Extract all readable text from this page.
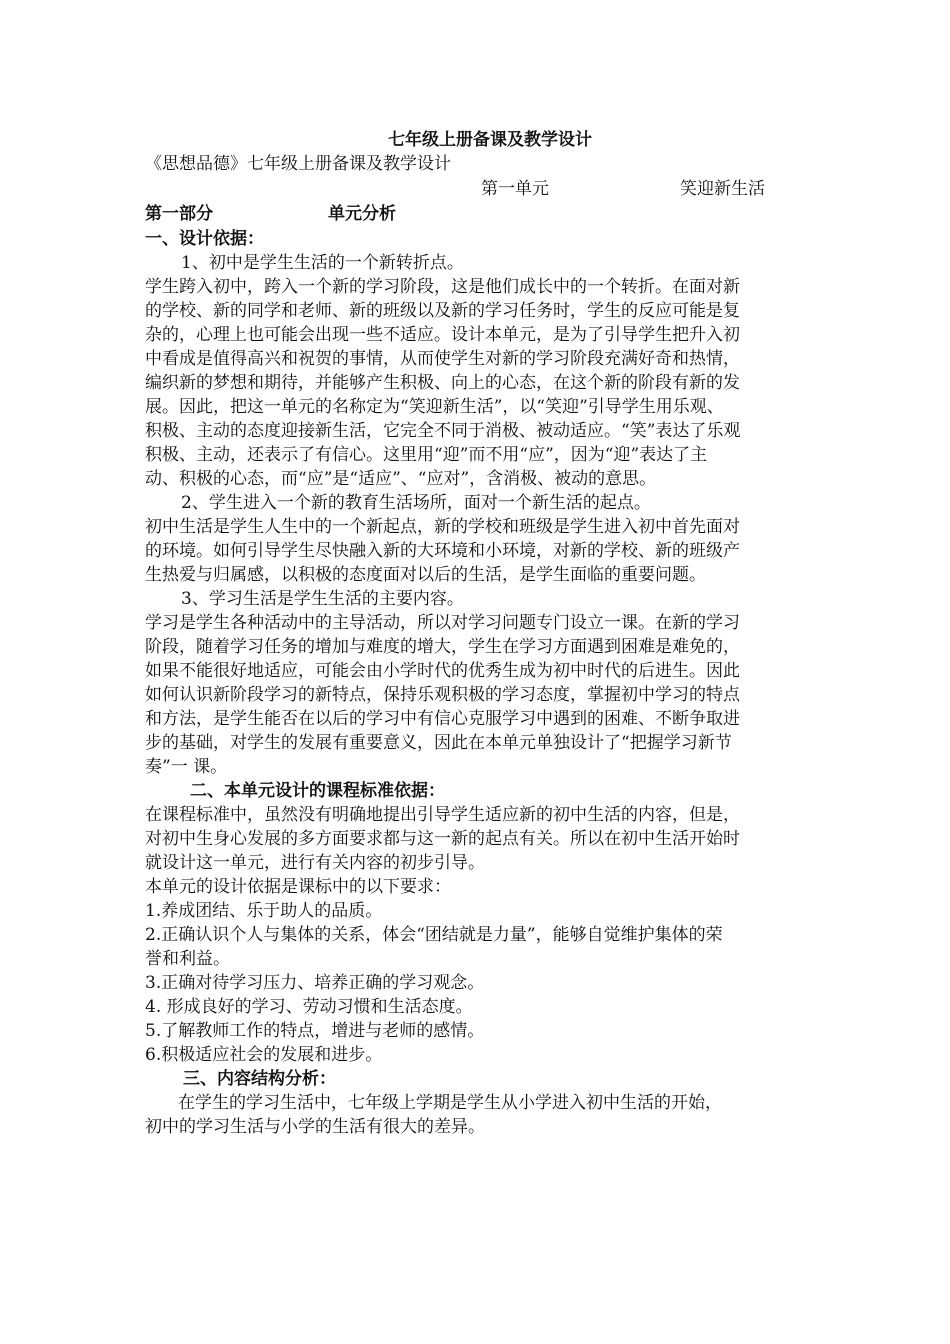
七年级上册备课及教学设计
《思想品德》七年级上册备课及教学设计
第一单元	笑迎新生活
第一部分	单元分析
一、设计依据：
1、初中是学生生活的一个新转折点。
学生跨入初中，跨入一个新的学习阶段，这是他们成长中的一个转折。在面对新
的学校、新的同学和老师、新的班级以及新的学习任务时，学生的反应可能是复
杂的，心理上也可能会出现一些不适应。设计本单元，是为了引导学生把升入初
中看成是值得高兴和祝贺的事情，从而使学生对新的学习阶段充满好奇和热情，
编织新的梦想和期待，并能够产生积极、向上的心态，在这个新的阶段有新的发
展。因此，把这一单元的名称定为“笑迎新生活”，以“笑迎”引导学生用乐观、
积极、主动的态度迎接新生活，它完全不同于消极、被动适应。“笑”表达了乐观
积极、主动，还表示了有信心。这里用“迎”而不用“应”，因为“迎”表达了主
动、积极的心态，而“应”是“适应”、“应对”，含消极、被动的意思。
2、学生进入一个新的教育生活场所，面对一个新生活的起点。
初中生活是学生人生中的一个新起点，新的学校和班级是学生进入初中首先面对
的环境。如何引导学生尽快融入新的大环境和小环境，对新的学校、新的班级产
生热爱与归属感，以积极的态度面对以后的生活，是学生面临的重要问题。
3、学习生活是学生生活的主要内容。
学习是学生各种活动中的主导活动，所以对学习问题专门设立一课。在新的学习
阶段，随着学习任务的增加与难度的增大，学生在学习方面遇到困难是难免的，
如果不能很好地适应，可能会由小学时代的优秀生成为初中时代的后进生。因此
如何认识新阶段学习的新特点，保持乐观积极的学习态度，掌握初中学习的特点
和方法，是学生能否在以后的学习中有信心克服学习中遇到的困难、不断争取进
步的基础，对学生的发展有重要意义，因此在本单元单独设计了“把握学习新节
奏”一 课。
二、本单元设计的课程标准依据：
在课程标准中，虽然没有明确地提出引导学生适应新的初中生活的内容，但是，
对初中生身心发展的多方面要求都与这一新的起点有关。所以在初中生活开始时
就设计这一单元，进行有关内容的初步引导。
本单元的设计依据是课标中的以下要求：
1.养成团结、乐于助人的品质。
2.正确认识个人与集体的关系，体会“团结就是力量”，能够自觉维护集体的荣
誉和利益。
3.正确对待学习压力、培养正确的学习观念。
4. 形成良好的学习、劳动习惯和生活态度。
5.了解教师工作的特点，增进与老师的感情。
6.积极适应社会的发展和进步。
三、内容结构分析：
在学生的学习生活中，七年级上学期是学生从小学进入初中生活的开始，
初中的学习生活与小学的生活有很大的差异。
